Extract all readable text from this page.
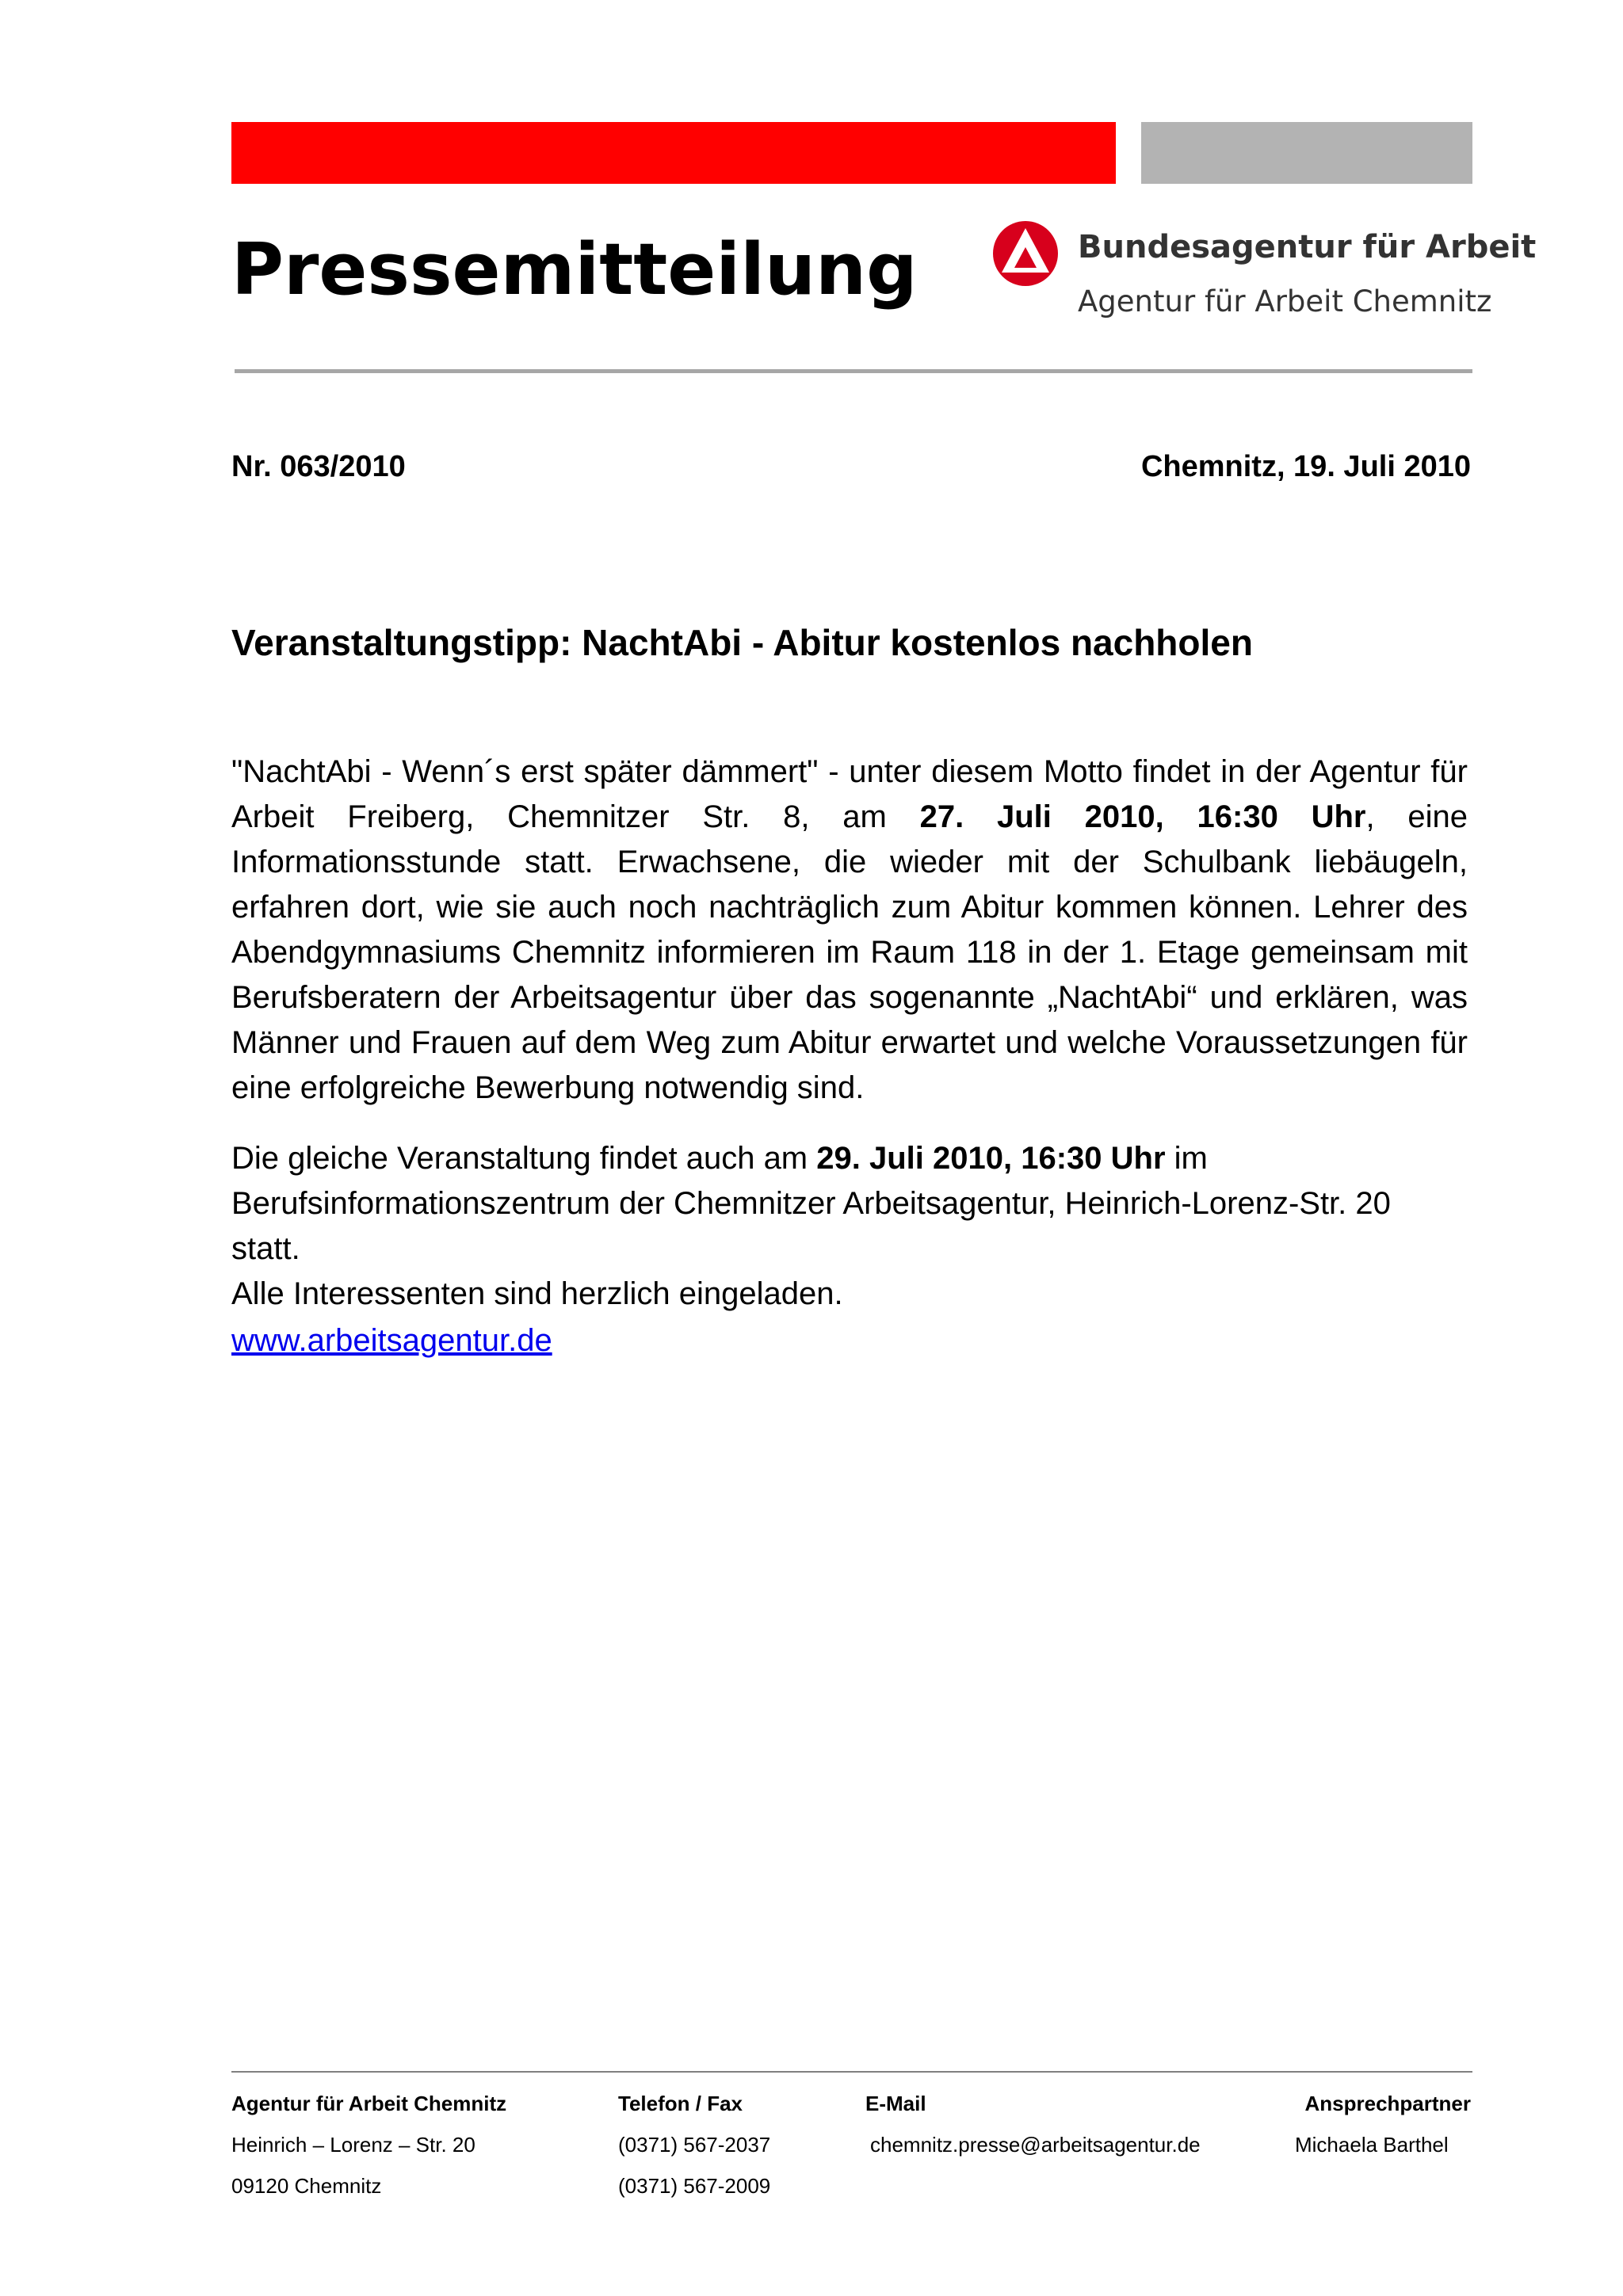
Pressemitteilung	Bundesagentur für Arbeit
Agentur für Arbeit Chemnitz
Nr. 063/2010	Chemnitz, 19. Juli 2010
Veranstaltungstipp: NachtAbi - Abitur kostenlos nachholen

"NachtAbi - Wenn´s erst später dämmert" - unter diesem Motto findet in der Agentur für Arbeit Freiberg, Chemnitzer Str. 8, am 27. Juli 2010, 16:30 Uhr, eine Informationsstunde statt. Erwachsene, die wieder mit der Schulbank liebäugeln, erfahren dort, wie sie auch noch nachträglich zum Abitur kommen können. Lehrer des Abendgymnasiums Chemnitz informieren im Raum 118 in der 1. Etage gemeinsam mit Berufsberatern der Arbeitsagentur über das sogenannte „NachtAbi“ und erklären, was Männer und Frauen auf dem Weg zum Abitur erwartet und welche Voraussetzungen für eine erfolgreiche Bewerbung notwendig sind.

Die gleiche Veranstaltung findet auch am 29. Juli 2010, 16:30 Uhr im Berufsinformationszentrum der Chemnitzer Arbeitsagentur, Heinrich-Lorenz-Str. 20 statt.
Alle Interessenten sind herzlich eingeladen.

www.arbeitsagentur.de
Agentur für Arbeit Chemnitz	Telefon / Fax	E-Mail	Ansprechpartner
Heinrich – Lorenz – Str. 20	(0371) 567-2037	chemnitz.presse@arbeitsagentur.de	Michaela Barthel
09120 Chemnitz	(0371) 567-2009
